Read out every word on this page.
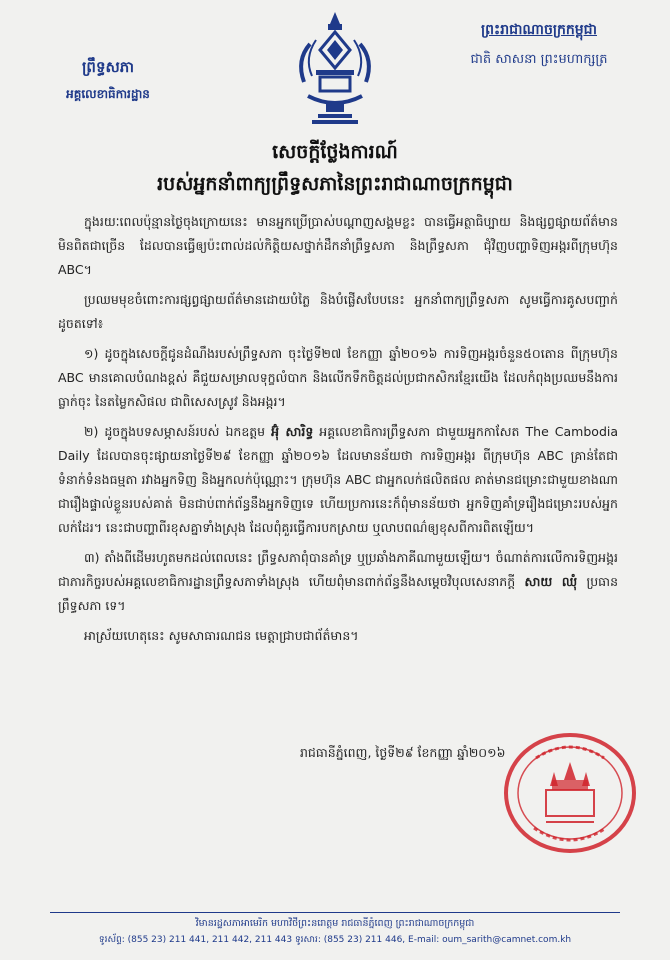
ព្រឹទ្ធសភា
អគ្គលេខាធិការដ្ឋាន
ព្រះរាជាណាចក្រកម្ពុជា
ជាតិ សាសនា ព្រះមហាក្សត្រ
សេចក្តីថ្លែងការណ៍
របស់អ្នកនាំពាក្យព្រឹទ្ធសភានៃព្រះរាជាណាចក្រកម្ពុជា

ក្នុងរយៈពេលប៉ុន្មានថ្ងៃចុងក្រោយនេះ មានអ្នកប្រើប្រាស់បណ្តាញសង្គមខ្លះ បានធ្វើអត្ថាធិប្បាយ និងផ្សព្វផ្សាយព័ត៌មានមិនពិតជាច្រើន ដែលបានធ្វើឲ្យប៉ះពាល់ដល់កិត្តិយសថ្នាក់ដឹកនាំព្រឹទ្ធសភា និងព្រឹទ្ធសភា ជុំវិញបញ្ហាទិញអង្ករពីក្រុមហ៊ុន ABC។

ប្រឈមមុខចំពោះការផ្សព្វផ្សាយព័ត៌មានដោយបំភ្លៃ និងបំផ្លើសបែបនេះ អ្នកនាំពាក្យព្រឹទ្ធសភា សូមធ្វើការគូសបញ្ជាក់ដូចតទៅ៖

១) ដូចក្នុងសេចក្តីជូនដំណឹងរបស់ព្រឹទ្ធសភា ចុះថ្ងៃទី២៧ ខែកញ្ញា ឆ្នាំ២០១៦ ការទិញអង្ករចំនួន៥០តោន ពីក្រុមហ៊ុន ABC មានគោលបំណងខ្ពស់ គឺជួយសម្រាលទុក្ខលំបាក និងលើកទឹកចិត្តដល់ប្រជាកសិករខ្មែរយើង ដែលកំពុងប្រឈមនឹងការធ្លាក់ចុះ នៃតម្លៃកសិផល ជាពិសេសស្រូវ និងអង្ករ។

២) ដូចក្នុងបទសម្ភាសន៍របស់ ឯកឧត្តម អ៊ុំ សារិទ្ធ អគ្គលេខាធិការព្រឹទ្ធសភា ជាមួយអ្នកកាសែត The Cambodia Daily ដែលបានចុះផ្សាយនាថ្ងៃទី២៩ ខែកញ្ញា ឆ្នាំ២០១៦ ដែលមានន័យថា ការទិញអង្ករ ពីក្រុមហ៊ុន ABC គ្រាន់តែជាទំនាក់ទំនងធម្មតា រវាងអ្នកទិញ និងអ្នកលក់ប៉ុណ្ណោះ។ ក្រុមហ៊ុន ABC ជាអ្នកលក់ផលិតផល គាត់មានជម្រោះជាមួយខាងណា ជារឿងផ្ទាល់ខ្លួនរបស់គាត់ មិនជាប់ពាក់ព័ន្ធនឹងអ្នកទិញទេ ហើយប្រការនេះក៏ពុំមានន័យថា អ្នកទិញគាំទ្ររឿងជម្រោះរបស់អ្នកលក់ដែរ។ នេះជាបញ្ហាពីរខុសគ្នាទាំងស្រុង ដែលពុំគួរធ្វើការបកស្រាយ ឬលាបពណ៌ឲ្យខុសពីការពិតឡើយ។

៣) តាំងពីដើមរហូតមកដល់ពេលនេះ ព្រឹទ្ធសភាពុំបានគាំទ្រ ឬប្រឆាំងភាគីណាមួយឡើយ។ ចំណាត់ការលើការទិញអង្ករ ជាភារកិច្ចរបស់អគ្គលេខាធិការដ្ឋានព្រឹទ្ធសភាទាំងស្រុង ហើយពុំមានពាក់ព័ន្ធនឹងសម្តេចវិបុលសេនាភក្តី សាយ ឈុំ ប្រធានព្រឹទ្ធសភា ទេ។

អាស្រ័យហេតុនេះ សូមសាធារណជន មេត្តាជ្រាបជាព័ត៌មាន។

រាជធានីភ្នំពេញ, ថ្ងៃទី២៩ ខែកញ្ញា ឆ្នាំ២០១៦
វិមានរដ្ឋសភាអាមេរិក មហាវិថីព្រះនរោត្តម រាជធានីភ្នំពេញ ព្រះរាជាណាចក្រកម្ពុជា
ទូរស័ព្ទ: (855 23) 211 441, 211 442, 211 443 ទូរសារ: (855 23) 211 446, E-mail: oum_sarith@camnet.com.kh
